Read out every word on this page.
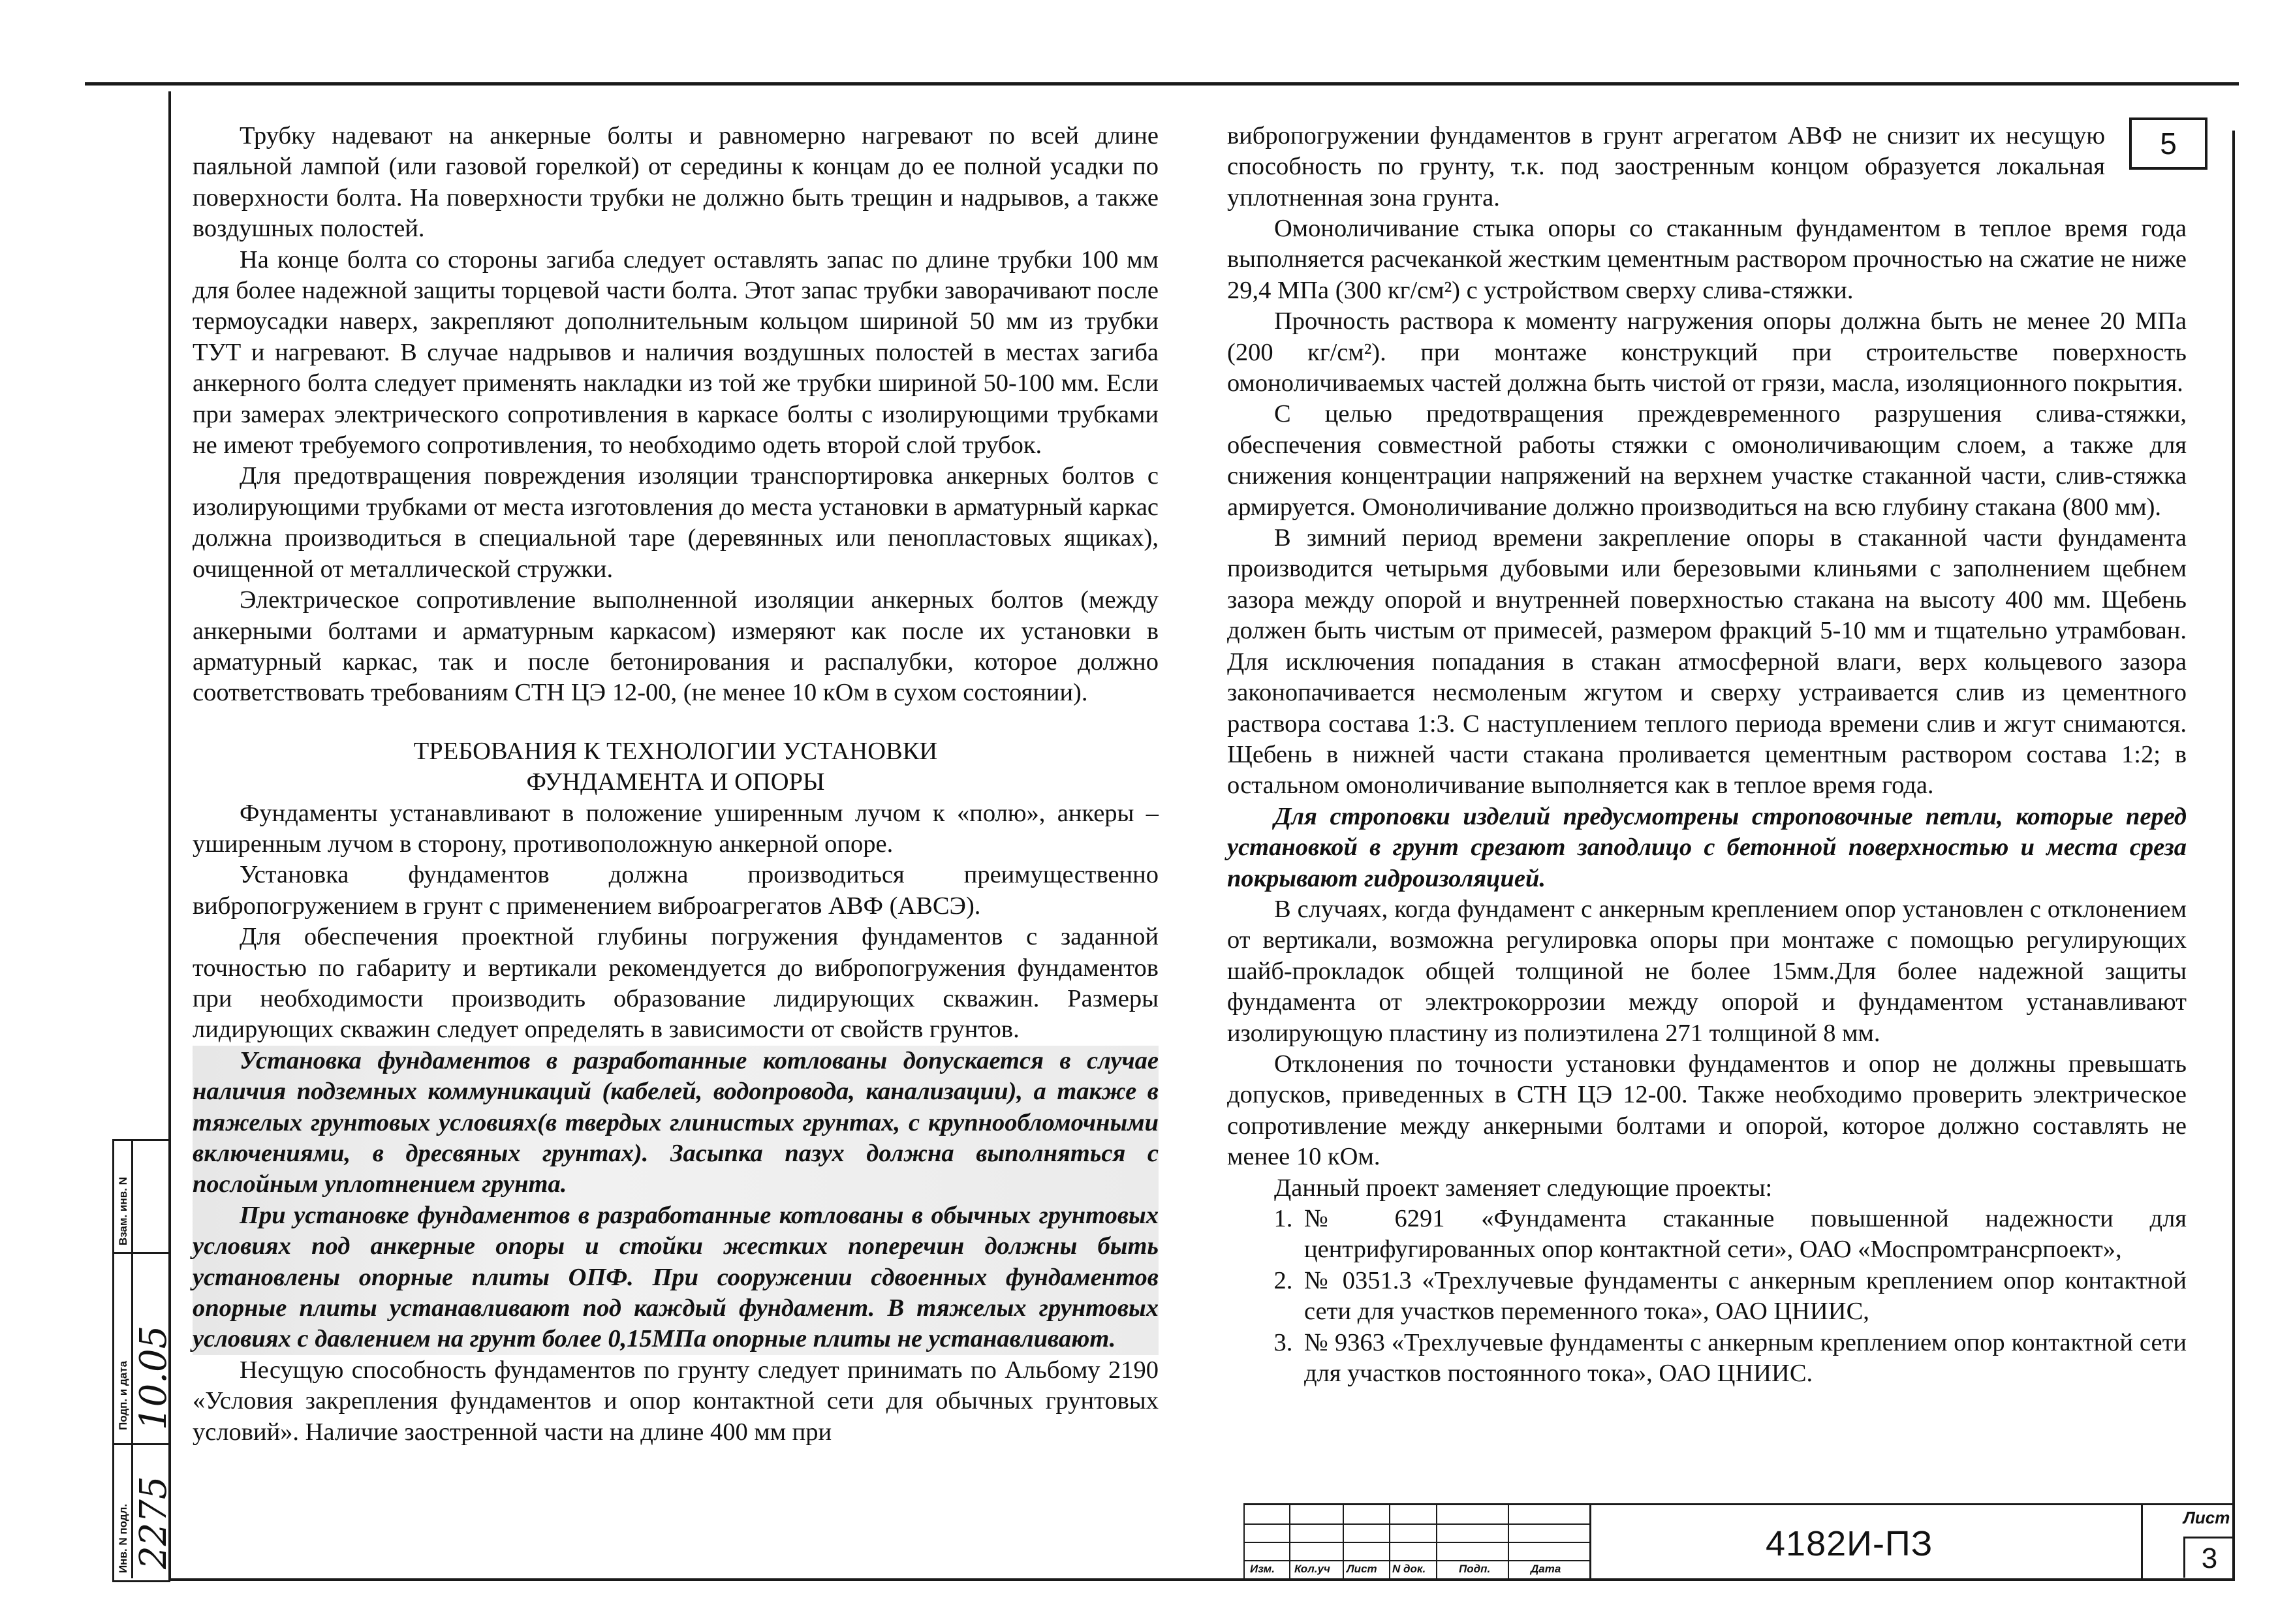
5

Трубку надевают на анкерные болты и равномерно нагревают по всей длине паяльной лампой (или газовой горелкой) от середины к концам до ее полной усадки по поверхности болта. На поверхности трубки не должно быть трещин и надрывов, а также воздушных полостей.

На конце болта со стороны загиба следует оставлять запас по длине трубки 100 мм для более надежной защиты торцевой части болта. Этот запас трубки заворачивают после термоусадки наверх, закрепляют дополнительным кольцом шириной 50 мм из трубки ТУТ и нагревают. В случае надрывов и наличия воздушных полостей в местах загиба анкерного болта следует применять накладки из той же трубки шириной 50-100 мм. Если при замерах электрического сопротивления в каркасе болты с изолирующими трубками не имеют требуемого сопротивления, то необходимо одеть второй слой трубок.

Для предотвращения повреждения изоляции транспортировка анкерных болтов с изолирующими трубками от места изготовления до места установки в арматурный каркас должна производиться в специальной таре (деревянных или пенопластовых ящиках), очищенной от металлической стружки.

Электрическое сопротивление выполненной изоляции анкерных болтов (между анкерными болтами и арматурным каркасом) измеряют как после их установки в арматурный каркас, так и после бетонирования и распалубки, которое должно соответствовать требованиям СТН ЦЭ 12-00, (не менее 10 кОм в сухом состоянии).

ТРЕБОВАНИЯ К ТЕХНОЛОГИИ УСТАНОВКИ
ФУНДАМЕНТА И ОПОРЫ

Фундаменты устанавливают в положение уширенным лучом к «полю», анкеры – уширенным лучом в сторону, противоположную анкерной опоре.

Установка фундаментов должна производиться преимущественно вибропогружением в грунт с применением виброагрегатов АВФ (АВСЭ).

Для обеспечения проектной глубины погружения фундаментов с заданной точностью по габариту и вертикали рекомендуется до вибропогружения фундаментов при необходимости производить образование лидирующих скважин. Размеры лидирующих скважин следует определять в зависимости от свойств грунтов.

Установка фундаментов в разработанные котлованы допускается в случае наличия подземных коммуникаций (кабелей, водопровода, канализации), а также в тяжелых грунтовых условиях(в твердых глинистых грунтах, с крупнообломочными включениями, в дресвяных грунтах). Засыпка пазух должна выполняться с послойным уплотнением грунта.

При установке фундаментов в разработанные котлованы в обычных грунтовых условиях под анкерные опоры и стойки жестких поперечин должны быть установлены опорные плиты ОПФ. При сооружении сдвоенных фундаментов опорные плиты устанавливают под каждый фундамент. В тяжелых грунтовых условиях с давлением на грунт более 0,15МПа опорные плиты не устанавливают.

Несущую способность фундаментов по грунту следует принимать по Альбому 2190 «Условия закрепления фундаментов и опор контактной сети для обычных грунтовых условий». Наличие заостренной части на длине 400 мм при

вибропогружении фундаментов в грунт агрегатом АВФ не снизит их несущую способность по грунту, т.к. под заостренным концом образуется локальная уплотненная зона грунта.

Омоноличивание стыка опоры со стаканным фундаментом в теплое время года выполняется расчеканкой жестким цементным раствором прочностью на сжатие не ниже 29,4 МПа (300 кг/см²) с устройством сверху слива-стяжки.

Прочность раствора к моменту нагружения опоры должна быть не менее 20 МПа (200 кг/см²). при монтаже конструкций при строительстве поверхность омоноличиваемых частей должна быть чистой от грязи, масла, изоляционного покрытия.

С целью предотвращения преждевременного разрушения слива-стяжки, обеспечения совместной работы стяжки с омоноличивающим слоем, а также для снижения концентрации напряжений на верхнем участке стаканной части, слив-стяжка армируется. Омоноличивание должно производиться на всю глубину стакана (800 мм).

В зимний период времени закрепление опоры в стаканной части фундамента производится четырьмя дубовыми или березовыми клиньями с заполнением щебнем зазора между опорой и внутренней поверхностью стакана на высоту 400 мм. Щебень должен быть чистым от примесей, размером фракций 5-10 мм и тщательно утрамбован. Для исключения попадания в стакан атмосферной влаги, верх кольцевого зазора законопачивается несмоленым жгутом и сверху устраивается слив из цементного раствора состава 1:3. С наступлением теплого периода времени слив и жгут снимаются. Щебень в нижней части стакана проливается цементным раствором состава 1:2; в остальном омоноличивание выполняется как в теплое время года.

Для строповки изделий предусмотрены строповочные петли, которые перед установкой в грунт срезают заподлицо с бетонной поверхностью и места среза покрывают гидроизоляцией.

В случаях, когда фундамент с анкерным креплением опор установлен с отклонением от вертикали, возможна регулировка опоры при монтаже с помощью регулирующих шайб-прокладок общей толщиной не более 15мм.Для более надежной защиты фундамента от электрокоррозии между опорой и фундаментом устанавливают изолирующую пластину из полиэтилена 271 толщиной 8 мм.

Отклонения по точности установки фундаментов и опор не должны превышать допусков, приведенных в СТН ЦЭ 12-00. Также необходимо проверить электрическое сопротивление между анкерными болтами и опорой, которое должно составлять не менее 10 кОм.

Данный проект заменяет следующие проекты:

1. № 6291 «Фундамента стаканные повышенной надежности для центрифугированных опор контактной сети», ОАО «Моспромтрансрпоект»,
2. № 0351.3 «Трехлучевые фундаменты с анкерным креплением опор контактной сети для участков переменного тока», ОАО ЦНИИС,
3. № 9363 «Трехлучевые фундаменты с анкерным креплением опор контактной сети для участков постоянного тока», ОАО ЦНИИС.
Взам. инв. N
Подп. и дата 10.05
Инв. N подл. 2275	Изм. Кол.уч Лист N док.	Подп.	Дата
4182И-ПЗ
Лист
3
